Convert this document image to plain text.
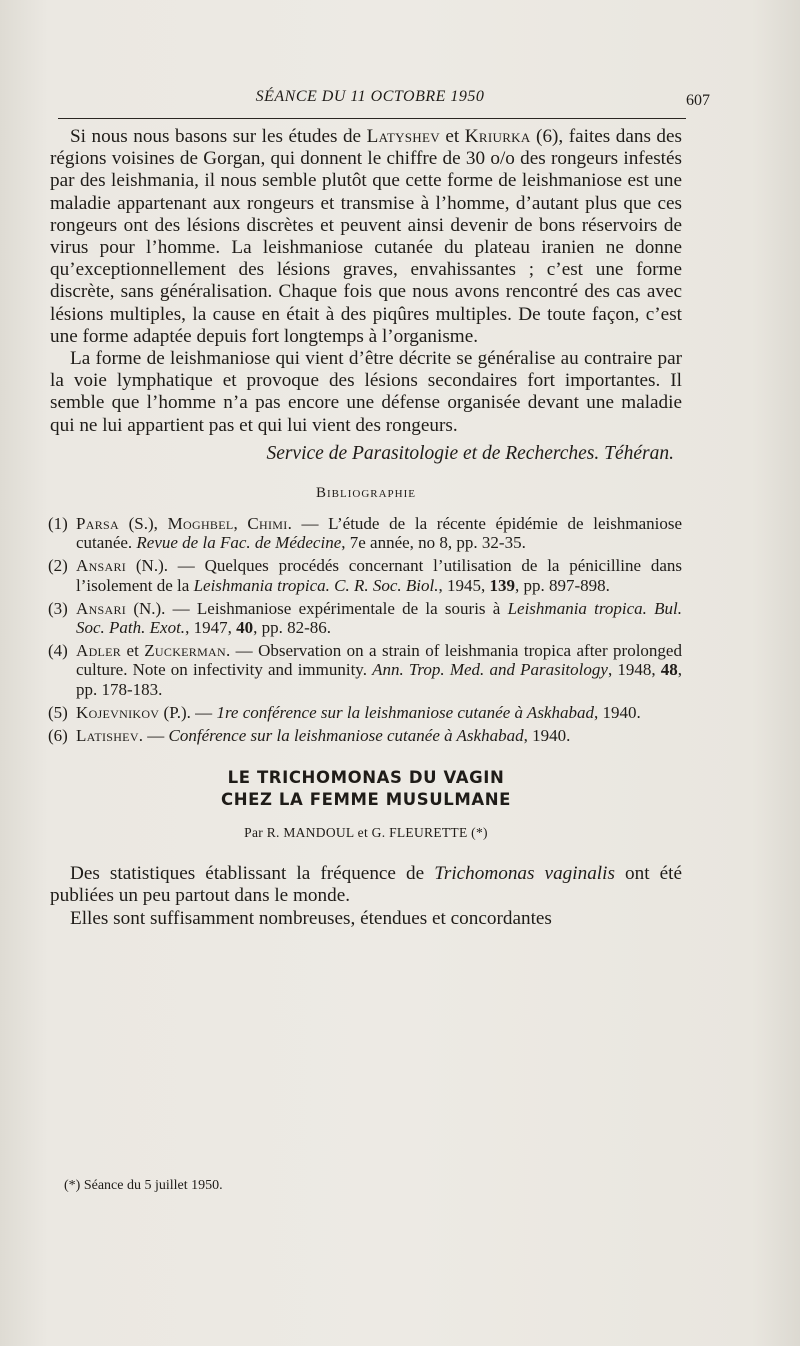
SÉANCE DU 11 OCTOBRE 1950	607

Si nous nous basons sur les études de Latyshev et Kriurka (6), faites dans des régions voisines de Gorgan, qui donnent le chiffre de 30 o/o des rongeurs infestés par des leishmania, il nous semble plutôt que cette forme de leishmaniose est une maladie appartenant aux rongeurs et transmise à l’homme, d’autant plus que ces rongeurs ont des lésions discrètes et peuvent ainsi devenir de bons réservoirs de virus pour l’homme. La leishmaniose cutanée du plateau iranien ne donne qu’exceptionnellement des lésions graves, envahissantes ; c’est une forme discrète, sans généralisation. Chaque fois que nous avons rencontré des cas avec lésions multiples, la cause en était à des piqûres multiples. De toute façon, c’est une forme adaptée depuis fort longtemps à l’organisme.

La forme de leishmaniose qui vient d’être décrite se généralise au contraire par la voie lymphatique et provoque des lésions secondaires fort importantes. Il semble que l’homme n’a pas encore une défense organisée devant une maladie qui ne lui appartient pas et qui lui vient des rongeurs.

Service de Parasitologie et de Recherches. Téhéran.

Bibliographie
(1) Parsa (S.), Moghbel, Chimi. — L’étude de la récente épidémie de leishmaniose cutanée. Revue de la Fac. de Médecine, 7e année, no 8, pp. 32-35.
(2) Ansari (N.). — Quelques procédés concernant l’utilisation de la pénicilline dans l’isolement de la Leishmania tropica. C. R. Soc. Biol., 1945, 139, pp. 897-898.
(3) Ansari (N.). — Leishmaniose expérimentale de la souris à Leishmania tropica. Bul. Soc. Path. Exot., 1947, 40, pp. 82-86.
(4) Adler et Zuckerman. — Observation on a strain of leishmania tropica after prolonged culture. Note on infectivity and immunity. Ann. Trop. Med. and Parasitology, 1948, 48, pp. 178-183.
(5) Kojevnikov (P.). — 1re conférence sur la leishmaniose cutanée à Askhabad, 1940.
(6) Latishev. — Conférence sur la leishmaniose cutanée à Askhabad, 1940.
LE TRICHOMONAS DU VAGIN
CHEZ LA FEMME MUSULMANE
Par R. MANDOUL et G. FLEURETTE (*)

Des statistiques établissant la fréquence de Trichomonas vaginalis ont été publiées un peu partout dans le monde.

Elles sont suffisamment nombreuses, étendues et concordantes

(*) Séance du 5 juillet 1950.
